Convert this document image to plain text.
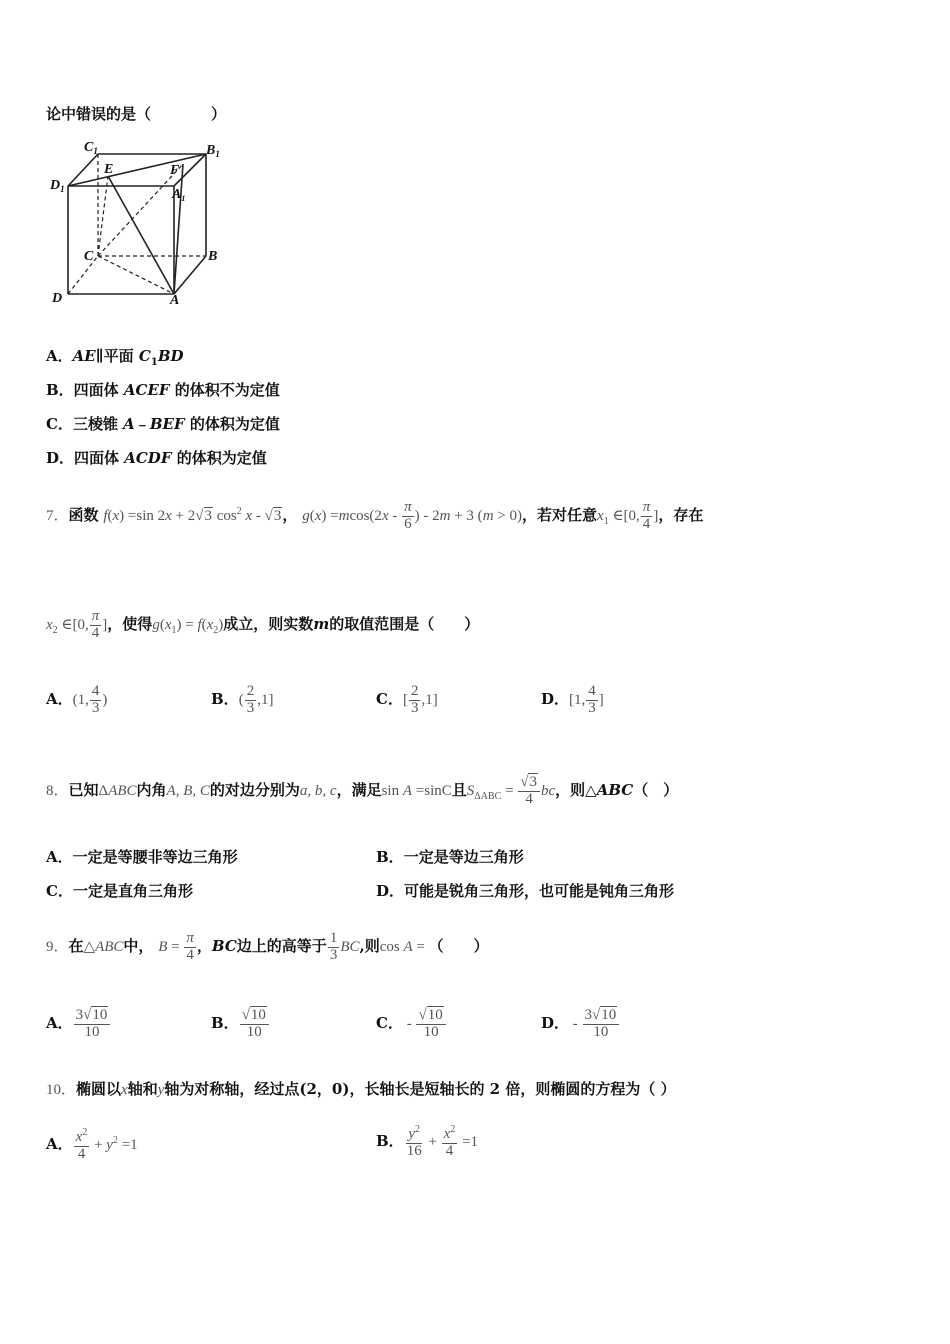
论中错误的是（　　　　）
$C_1$	$B_1$
$D_1$
E	F
$A_1$
C	B
D	A
A．AE∥平面 $C_1BD$
B．四面体 ACEF 的体积不为定值
C．三棱锥 A﹣BEF 的体积为定值
D．四面体 ACDF 的体积为定值
7．函数 f(x) =sin 2x + 2√3 $\cos^2 x - √3$， $g(x) =mcos(2x - \frac{\pi}{6}$ ) - 2m + 3 (m > 0)，若对任意$x_1$ ∈[0, $\frac{\pi}{4}$ ]，存在
$x_2$ ∈[0, $\frac{\pi}{4}$ ]，使得$g(x_1) = f(x_2)$成立，则实数m的取值范围是（　　）
A．(1, $\frac{4}{3}$ )	B．( $\frac{2}{3} ,1$]	C．[ $\frac{2}{3} ,1$]	D．[1, $\frac{4}{3}$ ]
8．已知ΔABC内角A, B, C的对边分别为a, b, c，满足sin A =sinC且$S_{\Delta ABC} = \frac{√3}{4}$ bc，则△ABC（　）
A．一定是等腰非等边三角形	B．一定是等边三角形
C．一定是直角三角形	D．可能是锐角三角形，也可能是钝角三角形
9．在△ABC中， $B = \frac{\pi}{4}$ ，BC边上的高等于 $\frac{1}{3}$ BC,则cos A = （　　）
A． $\frac{3√10}{10}$	B． $\frac{√10}{10}$	C． - $\frac{√10}{10}$	D． - $\frac{3√10}{10}$
10．椭圆以x轴和y轴为对称轴，经过点(2，0)，长轴长是短轴长的 2 倍，则椭圆的方程为（ ）
A． $\frac{x^2}{4} + y^2 =1$	B． $\frac{y^2}{16} + \frac{x^2}{4} =1$
